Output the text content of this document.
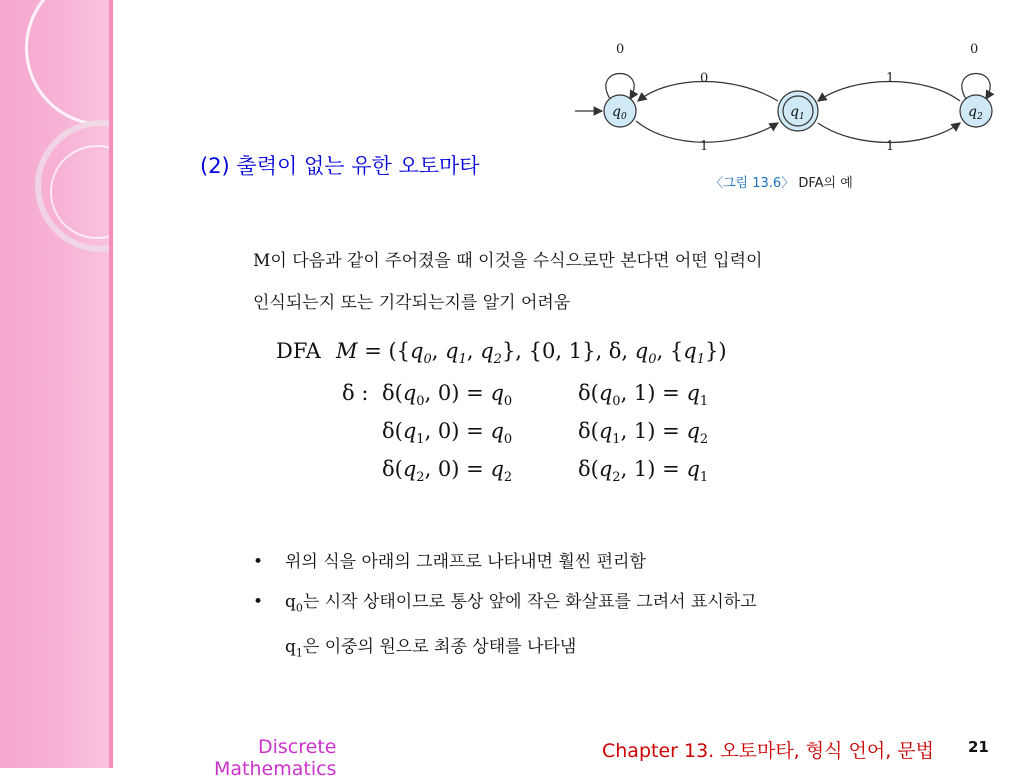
0
0
1
1
1
0
$q_0$	$q_1$	$q_2$
〈그림 13.6〉 DFA의 예
(2) 출력이 없는 유한 오토마타
M이 다음과 같이 주어졌을 때 이것을 수식으로만 본다면 어떤 입력이
인식되는지 또는 기각되는지를 알기 어려움
DFA $M = (\{q_0$, $q_1$, $q_2$}, {0, 1}, δ, $q_0$, $\{q_1\}$)
δ : $\delta(q_0$, $0) = q_0$	$\delta(q_0$, $1) = q_1$
$\delta(q_1$, $0) = q_0$	$\delta(q_1$, $1) = q_2$
$\delta(q_2$, $0) = q_2$	$\delta(q_2$, $1) = q_1$
• 위의 식을 아래의 그래프로 나타내면 훨씬 편리함
• $q_0$는 시작 상태이므로 통상 앞에 작은 화살표를 그려서 표시하고
$q_1$은 이중의 원으로 최종 상태를 나타냄
Discrete
Mathematics
Chapter 13. 오토마타, 형식 언어, 문법 21
